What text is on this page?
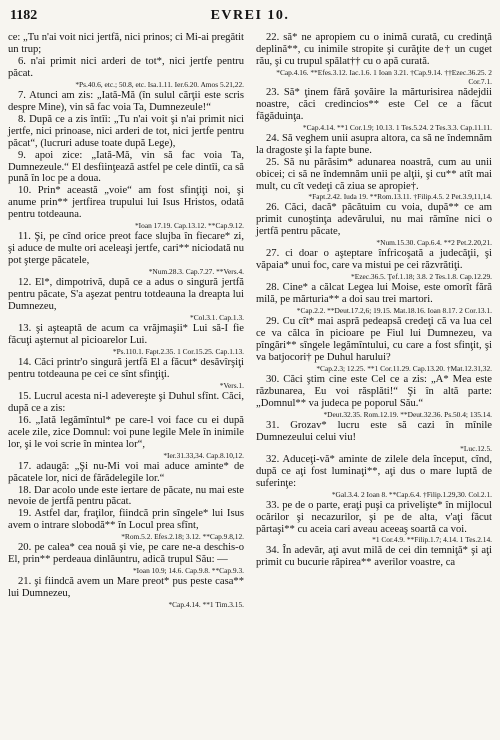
1182	EVREI 10.

ce: „Tu n'ai voit nici jertfă, nici prinos; ci Mi-ai pregătit un trup;

6. n'ai primit nici arderi de tot*, nici jertfe pentru păcat.

*Ps.40.6, etc.; 50.8, etc. Isa.1.11. Ier.6.20. Amos 5.21,22.

7. Atunci am zis: „Iată-Mă (în sulul cărţii este scris despre Mine), vin să fac voia Ta, Dumnezeule!“

8. După ce a zis întîi: „Tu n'ai voit şi n'ai primit nici jertfe, nici prinoase, nici arderi de tot, nici jertfe pentru păcat“, (lucruri aduse toate după Lege),

9. apoi zice: „Iată-Mă, vin să fac voia Ta, Dumnezeule.“ El desfiinţează astfel pe cele dintîi, ca să pună în loc pe a doua.

10. Prin* această „voie“ am fost sfinţiţi noi, şi anume prin** jertfirea trupului lui Isus Hristos, odată pentru totdeauna.

*Ioan 17.19. Cap.13.12. **Cap.9.12.

11. Şi, pe cînd orice preot face slujba în fiecare* zi, şi aduce de multe ori aceleaşi jertfe, cari** niciodată nu pot şterge păcatele,

*Num.28.3. Cap.7.27. **Vers.4.

12. El*, dimpotrivă, după ce a adus o singură jertfă pentru păcate, S'a aşezat pentru totdeauna la dreapta lui Dumnezeu,

*Col.3.1. Cap.1.3.

13. şi aşteaptă de acum ca vrăjmaşii* Lui să-I fie făcuţi aşternut al picioarelor Lui.

*Ps.110.1. Fapt.2.35. 1 Cor.15.25. Cap.1.13.

14. Căci printr'o singură jertfă El a făcut* desăvîrşiţi pentru totdeauna pe cei ce sînt sfinţiţi.

*Vers.1.

15. Lucrul acesta ni-l adevereşte şi Duhul sfînt. Căci, după ce a zis:

16. „Iată legămîntul* pe care-l voi face cu ei după acele zile, zice Domnul: voi pune legile Mele în inimile lor, şi le voi scrie în mintea lor“,

*Ier.31.33,34. Cap.8.10,12.

17. adaugă: „Şi nu-Mi voi mai aduce aminte* de păcatele lor, nici de fărădelegile lor.“

18. Dar acolo unde este iertare de păcate, nu mai este nevoie de jertfă pentru păcat.

19. Astfel dar, fraţilor, fiindcă prin sîngele* lui Isus avem o intrare slobodă** în Locul prea sfînt,

*Rom.5.2. Efes.2.18; 3.12. **Cap.9.8,12.

20. pe calea* cea nouă şi vie, pe care ne-a deschis-o El, prin** perdeaua dinlăuntru, adică trupul Său: —

*Ioan 10.9; 14.6. Cap.9.8. **Cap.9.3.

21. şi fiindcă avem un Mare preot* pus peste casa** lui Dumnezeu,

*Cap.4.14. **1 Tim.3.15.

22. să* ne apropiem cu o inimă curată, cu credinţă deplină**, cu inimile stropite şi curăţite de† un cuget rău, şi cu trupul spălat†† cu o apă curată.

*Cap.4.16. **Efes.3.12. Iac.1.6. 1 Ioan 3.21. †Cap.9.14. ††Ezec.36.25. 2 Cor.7.1.

23. Să* ţinem fără şovăire la mărturisirea nădejdii noastre, căci credincios** este Cel ce a făcut făgăduinţa.

*Cap.4.14. **1 Cor.1.9; 10.13. 1 Tes.5.24. 2 Tes.3.3. Cap.11.11.

24. Să veghem unii asupra altora, ca să ne îndemnăm la dragoste şi la fapte bune.

25. Să nu părăsim* adunarea noastră, cum au unii obicei; ci să ne îndemnăm unii pe alţii, şi cu** atît mai mult, cu cît vedeţi că ziua se apropie†.

*Fapt.2.42. Iuda 19. **Rom.13.11. †Filip.4.5. 2 Pet.3.9,11,14.

26. Căci, dacă* păcătuim cu voia, după** ce am primit cunoştinţa adevărului, nu mai rămîne nici o jertfă pentru păcate,

*Num.15.30. Cap.6.4. **2 Pet.2.20,21.

27. ci doar o aşteptare înfricoşată a judecăţii, şi văpaia* unui foc, care va mistui pe cei răzvrătiţi.

*Ezec.36.5. Ţef.1.18; 3.8. 2 Tes.1.8. Cap.12.29.

28. Cine* a călcat Legea lui Moise, este omorît fără milă, pe mărturia** a doi sau trei martori.

*Cap.2.2. **Deut.17.2,6; 19.15. Mat.18.16. Ioan 8.17. 2 Cor.13.1.

29. Cu cît* mai aspră pedeapsă credeţi că va lua cel ce va călca în picioare pe Fiul lui Dumnezeu, va pîngări** sîngele legămîntului, cu care a fost sfinţit, şi va batjocori† pe Duhul harului?

*Cap.2.3; 12.25. **1 Cor.11.29. Cap.13.20. †Mat.12.31,32.

30. Căci ştim cine este Cel ce a zis: „A* Mea este răzbunarea, Eu voi răsplăti!“ Şi în altă parte: „Domnul** va judeca pe poporul Său.“

*Deut.32.35. Rom.12.19. **Deut.32.36. Ps.50.4; 135.14.

31. Grozav* lucru este să cazi în mînile Dumnezeului celui viu!

*Luc.12.5.

32. Aduceţi-vă* aminte de zilele dela început, cînd, după ce aţi fost luminaţi**, aţi dus o mare luptă de suferinţe:

*Gal.3.4. 2 Ioan 8. **Cap.6.4. †Filip.1.29,30. Col.2.1.

33. pe de o parte, eraţi puşi ca privelişte* în mijlocul ocărilor şi necazurilor, şi pe de alta, v'aţi făcut părtaşi** cu aceia cari aveau aceeaş soartă ca voi.

*1 Cor.4.9. **Filip.1.7; 4.14. 1 Tes.2.14.

34. În adevăr, aţi avut milă de cei din temniţă* şi aţi primit cu bucurie răpirea** averilor voastre, ca
